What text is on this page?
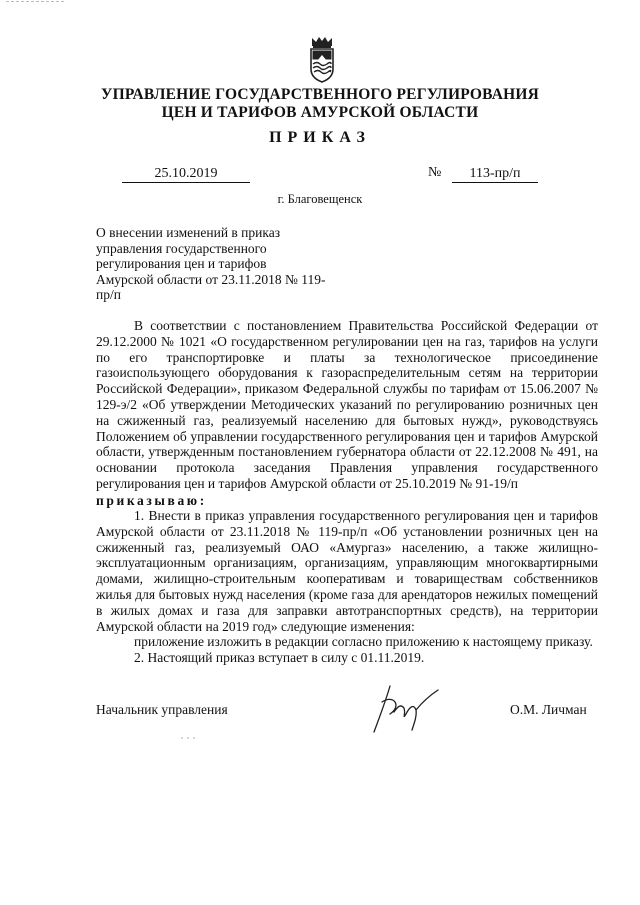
УПРАВЛЕНИЕ ГОСУДАРСТВЕННОГО РЕГУЛИРОВАНИЯ
ЦЕН И ТАРИФОВ АМУРСКОЙ ОБЛАСТИ
ПРИКАЗ
25.10.2019	№	113-пр/п
г. Благовещенск
О внесении изменений в приказ управления государственного регулирования цен и тарифов Амурской области от 23.11.2018 № 119-пр/п

В соответствии с постановлением Правительства Российской Федерации от 29.12.2000 № 1021 «О государственном регулировании цен на газ, тарифов на услуги по его транспортировке и платы за технологическое присоединение газоиспользующего оборудования к газораспределительным сетям на территории Российской Федерации», приказом Федеральной службы по тарифам от 15.06.2007 № 129-э/2 «Об утверждении Методических указаний по регулированию розничных цен на сжиженный газ, реализуемый населению для бытовых нужд», руководствуясь Положением об управлении государственного регулирования цен и тарифов Амурской области, утвержденным постановлением губернатора области от 22.12.2008 № 491, на основании протокола заседания Правления управления государственного регулирования цен и тарифов Амурской области от 25.10.2019 № 91-19/п

приказываю:

1. Внести в приказ управления государственного регулирования цен и тарифов Амурской области от 23.11.2018 № 119-пр/п «Об установлении розничных цен на сжиженный газ, реализуемый ОАО «Амургаз» населению, а также жилищно-эксплуатационным организациям, организациям, управляющим многоквартирными домами, жилищно-строительным кооперативам и товариществам собственников жилья для бытовых нужд населения (кроме газа для арендаторов нежилых помещений в жилых домах и газа для заправки автотранспортных средств), на территории Амурской области на 2019 год» следующие изменения:

приложение изложить в редакции согласно приложению к настоящему приказу.

2. Настоящий приказ вступает в силу с 01.11.2019.

Начальник управления	О.М. Личман
